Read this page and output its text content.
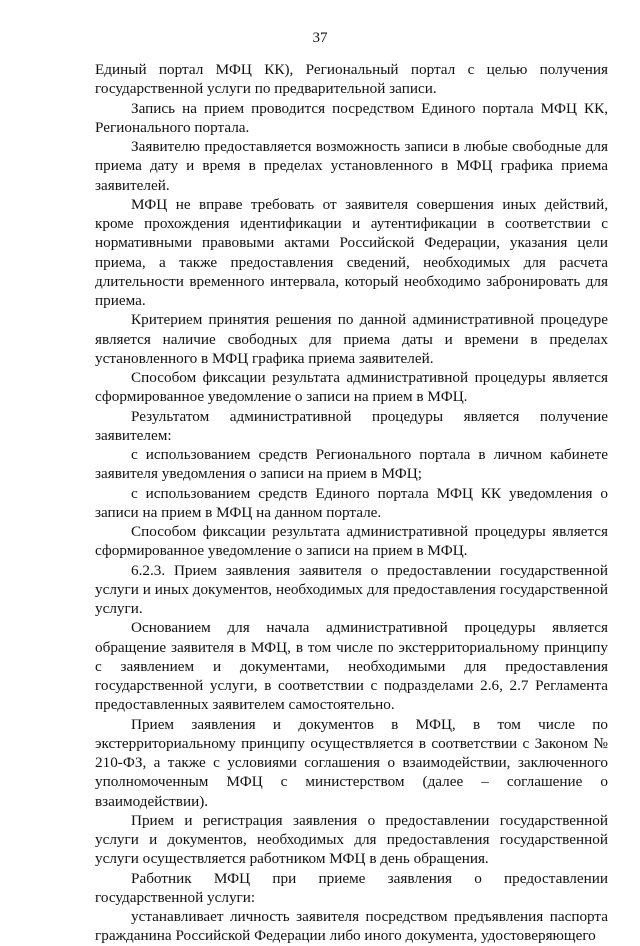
37

Единый портал МФЦ КК), Региональный портал с целью получения государственной услуги по предварительной записи.

Запись на прием проводится посредством Единого портала МФЦ КК, Регионального портала.

Заявителю предоставляется возможность записи в любые свободные для приема дату и время в пределах установленного в МФЦ графика приема заявителей.

МФЦ не вправе требовать от заявителя совершения иных действий, кроме прохождения идентификации и аутентификации в соответствии с нормативными правовыми актами Российской Федерации, указания цели приема, а также предоставления сведений, необходимых для расчета длительности временного интервала, который необходимо забронировать для приема.

Критерием принятия решения по данной административной процедуре является наличие свободных для приема даты и времени в пределах установленного в МФЦ графика приема заявителей.

Способом фиксации результата административной процедуры является сформированное уведомление о записи на прием в МФЦ.

Результатом административной процедуры является получение заявителем:

с использованием средств Регионального портала в личном кабинете заявителя уведомления о записи на прием в МФЦ;

с использованием средств Единого портала МФЦ КК уведомления о записи на прием в МФЦ на данном портале.

Способом фиксации результата административной процедуры является сформированное уведомление о записи на прием в МФЦ.

6.2.3. Прием заявления заявителя о предоставлении государственной услуги и иных документов, необходимых для предоставления государственной услуги.

Основанием для начала административной процедуры является обращение заявителя в МФЦ, в том числе по экстерриториальному принципу с заявлением и документами, необходимыми для предоставления государственной услуги, в соответствии с подразделами 2.6, 2.7 Регламента предоставленных заявителем самостоятельно.

Прием заявления и документов в МФЦ, в том числе по экстерриториальному принципу осуществляется в соответствии с Законом № 210-ФЗ, а также с условиями соглашения о взаимодействии, заключенного уполномоченным МФЦ с министерством (далее – соглашение о взаимодействии).

Прием и регистрация заявления о предоставлении государственной услуги и документов, необходимых для предоставления государственной услуги осуществляется работником МФЦ в день обращения.

Работник МФЦ при приеме заявления о предоставлении государственной услуги:

устанавливает личность заявителя посредством предъявления паспорта гражданина Российской Федерации либо иного документа, удостоверяющего
